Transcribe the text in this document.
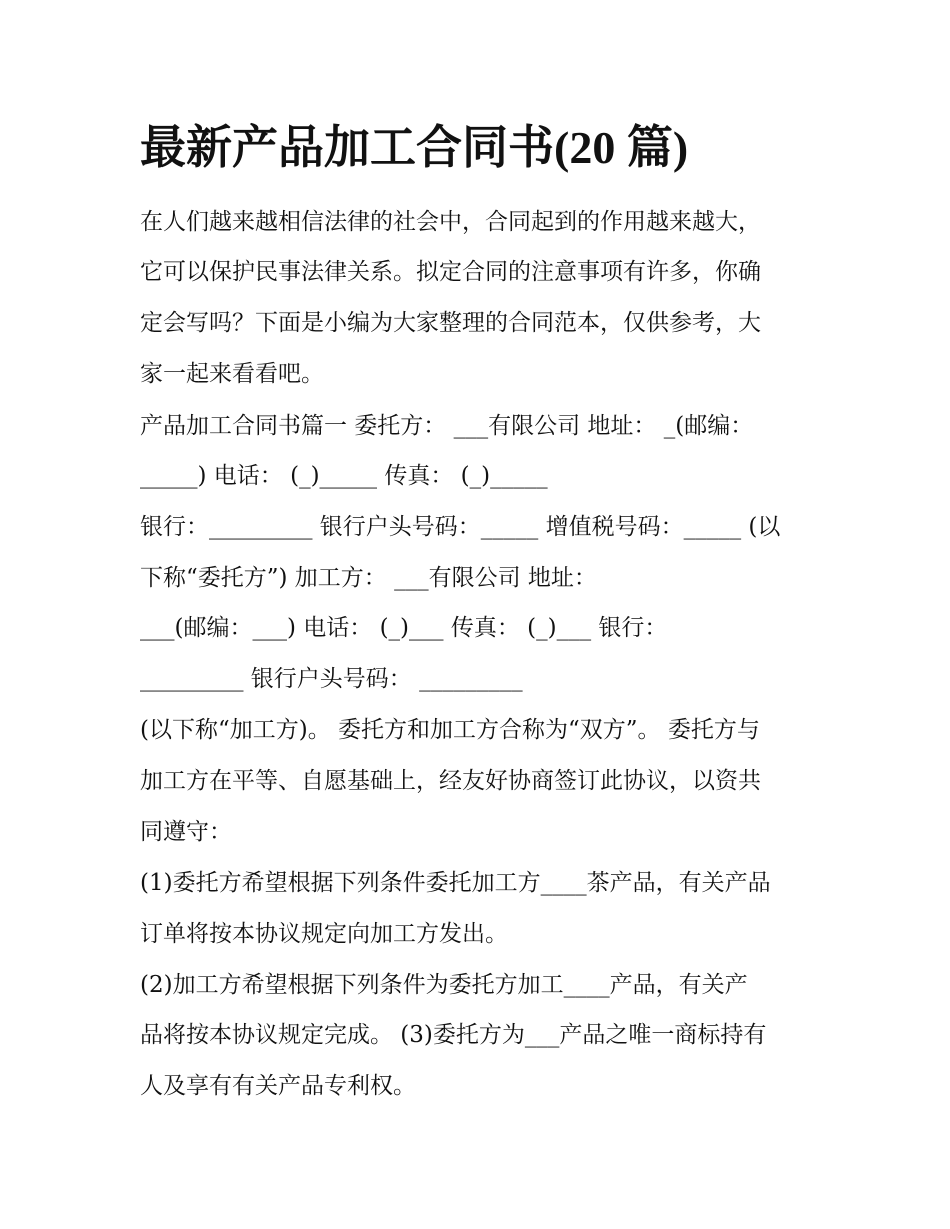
最新产品加工合同书(20 篇)

在人们越来越相信法律的社会中，合同起到的作用越来越大，

它可以保护民事法律关系。拟定合同的注意事项有许多，你确

定会写吗？下面是小编为大家整理的合同范本，仅供参考，大

家一起来看看吧。

产品加工合同书篇一 委托方： ___有限公司 地址： _(邮编：

_____) 电话： (_)_____ 传真： (_)_____

银行：_________ 银行户头号码：_____ 增值税号码：_____ (以

下称“委托方”) 加工方： ___有限公司 地址：

___(邮编：___) 电话： (_)___ 传真： (_)___ 银行：

_________ 银行户头号码： _________

(以下称“加工方)。 委托方和加工方合称为“双方”。 委托方与

加工方在平等、自愿基础上，经友好协商签订此协议，以资共

同遵守：

(1)委托方希望根据下列条件委托加工方____茶产品，有关产品

订单将按本协议规定向加工方发出。

(2)加工方希望根据下列条件为委托方加工____产品，有关产

品将按本协议规定完成。 (3)委托方为___产品之唯一商标持有

人及享有有关产品专利权。
